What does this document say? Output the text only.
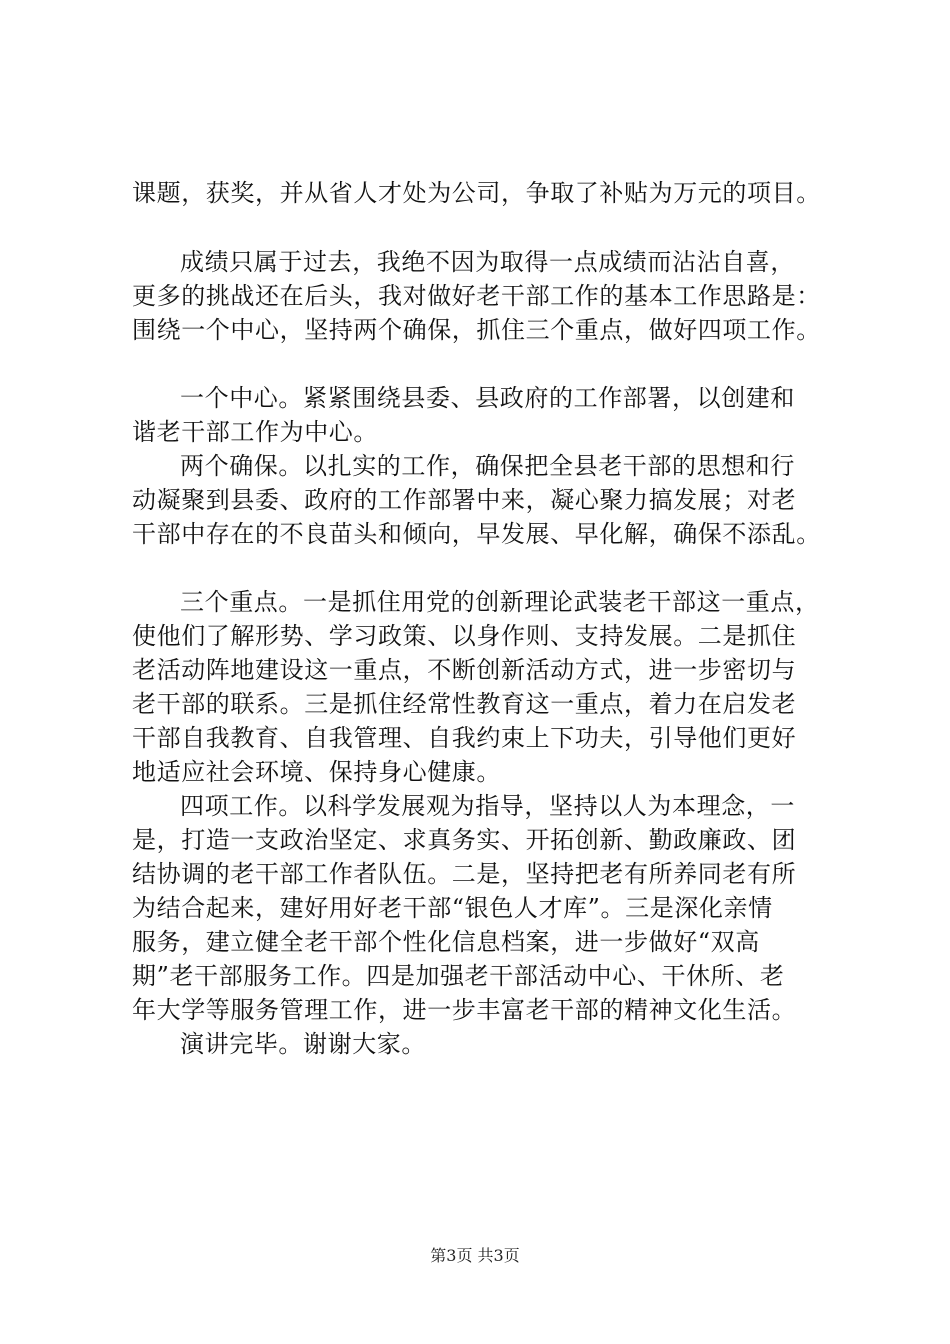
课题，获奖，并从省人才处为公司，争取了补贴为万元的项目。
成绩只属于过去，我绝不因为取得一点成绩而沾沾自喜，
更多的挑战还在后头，我对做好老干部工作的基本工作思路是：
围绕一个中心，坚持两个确保，抓住三个重点，做好四项工作。
一个中心。紧紧围绕县委、县政府的工作部署，以创建和
谐老干部工作为中心。
两个确保。以扎实的工作，确保把全县老干部的思想和行
动凝聚到县委、政府的工作部署中来，凝心聚力搞发展；对老
干部中存在的不良苗头和倾向，早发展、早化解，确保不添乱。
三个重点。一是抓住用党的创新理论武装老干部这一重点，
使他们了解形势、学习政策、以身作则、支持发展。二是抓住
老活动阵地建设这一重点，不断创新活动方式，进一步密切与
老干部的联系。三是抓住经常性教育这一重点，着力在启发老
干部自我教育、自我管理、自我约束上下功夫，引导他们更好
地适应社会环境、保持身心健康。
四项工作。以科学发展观为指导，坚持以人为本理念，一
是，打造一支政治坚定、求真务实、开拓创新、勤政廉政、团
结协调的老干部工作者队伍。二是，坚持把老有所养同老有所
为结合起来，建好用好老干部“银色人才库”。三是深化亲情
服务，建立健全老干部个性化信息档案，进一步做好“双高
期”老干部服务工作。四是加强老干部活动中心、干休所、老
年大学等服务管理工作，进一步丰富老干部的精神文化生活。
演讲完毕。谢谢大家。
第3页 共3页
